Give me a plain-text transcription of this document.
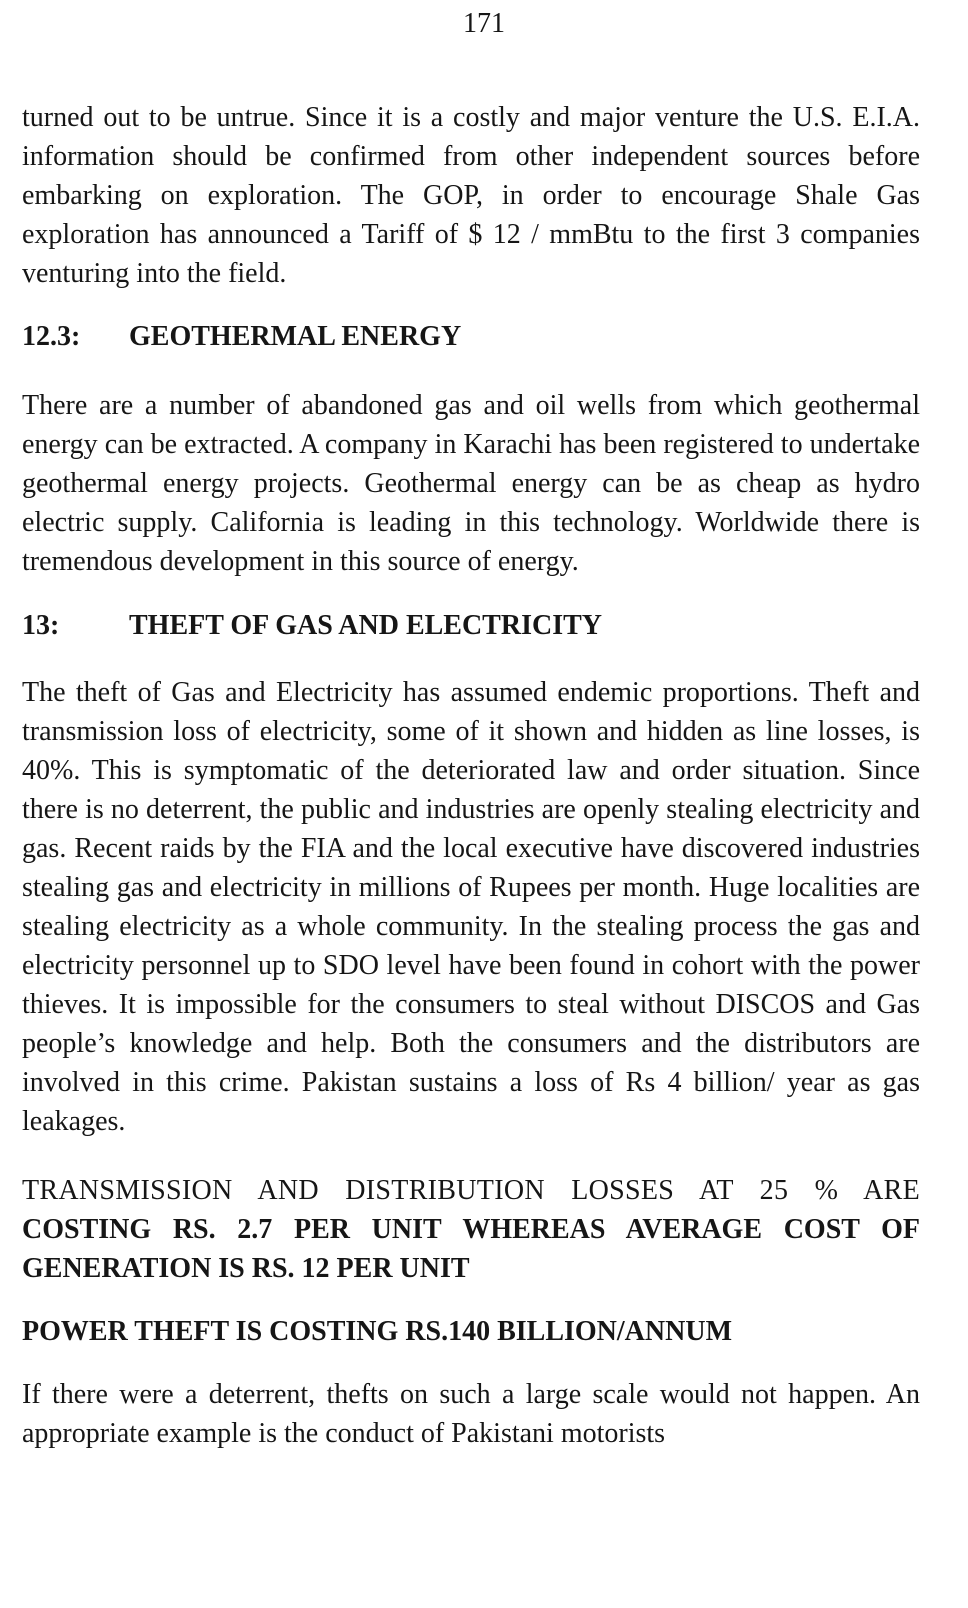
171

turned out to be untrue. Since it is a costly and major venture the U.S. E.I.A. information should be confirmed from other independent sources before embarking on exploration. The GOP, in order to encourage Shale Gas exploration has announced a Tariff of $ 12 / mmBtu to the first 3 companies venturing into the field.

12.3: GEOTHERMAL ENERGY

There are a number of abandoned gas and oil wells from which geothermal energy can be extracted. A company in Karachi has been registered to undertake geothermal energy projects. Geothermal energy can be as cheap as hydro electric supply. California is leading in this technology. Worldwide there is tremendous development in this source of energy.

13: THEFT OF GAS AND ELECTRICITY

The theft of Gas and Electricity has assumed endemic proportions. Theft and transmission loss of electricity, some of it shown and hidden as line losses, is 40%. This is symptomatic of the deteriorated law and order situation. Since there is no deterrent, the public and industries are openly stealing electricity and gas. Recent raids by the FIA and the local executive have discovered industries stealing gas and electricity in millions of Rupees per month. Huge localities are stealing electricity as a whole community. In the stealing process the gas and electricity personnel up to SDO level have been found in cohort with the power thieves. It is impossible for the consumers to steal without DISCOS and Gas people’s knowledge and help. Both the consumers and the distributors are involved in this crime. Pakistan sustains a loss of Rs 4 billion/ year as gas leakages.

TRANSMISSION AND DISTRIBUTION LOSSES AT 25 % ARE COSTING RS. 2.7 PER UNIT WHEREAS AVERAGE COST OF GENERATION IS RS. 12 PER UNIT

POWER THEFT IS COSTING RS.140 BILLION/ANNUM

If there were a deterrent, thefts on such a large scale would not happen. An appropriate example is the conduct of Pakistani motorists
